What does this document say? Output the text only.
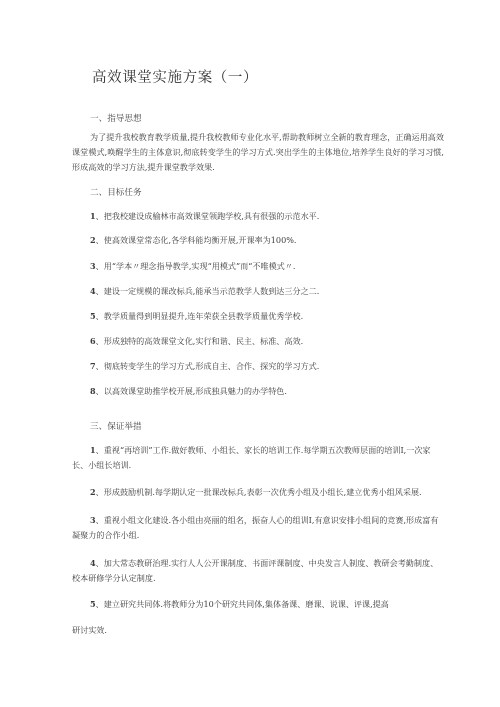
高效课堂实施方案（一）
一、指导思想
为了提升我校教育教学质量,提升我校教师专业化水平,帮助教师树立全新的教育理念，正确运用高效课堂模式,唤醒学生的主体意识,彻底转变学生的学习方式.突出学生的主体地位,培养学生良好的学习习惯,形成高效的学习方法,提升课堂教学效果.
二、目标任务
1、把我校建设成榆林市高效课堂领跑学校,具有很强的示范水平.
2、使高效课堂常态化,各学科能均衡开展,开课率为100%.
3、用“学本〃理念指导教学,实现“用模式”而“不唯模式〃.
4、建设一定规模的课改标兵,能承当示范教学人数到达三分之二.
5、教学质量得到明显提升,连年荣获全县教学质量优秀学校.
6、形成独特的高效课堂文化,实行和谐、民主、标准、高效.
7、彻底转变学生的学习方式,形成自主、合作、探究的学习方式.
8、以高效课堂助推学校开展,形成独具魅力的办学特色.
三、保证举措
1、重视“再培训”工作.做好教师、小组长、家长的培训工作.每学期五次教师层面的培训I,一次家长、小组长培训.
2、形成鼓励机制.每学期认定一批课改标兵,表彰一次优秀小组及小组长,建立优秀小组风采展.
3、重视小组文化建设.各小组由亮丽的组名，振奋人心的组训I,有意识安排小组间的竞赛,形成富有凝聚力的合作小组.
4、加大常态教研治理.实行人人公开课制度、书面评课制度、中央发言人制度、教研会考勤制度、校本研修学分认定制度.
5、建立研究共同体.将教师分为10个研究共同体,集体备课、磨课、说课、评课,提高
研讨实效.
